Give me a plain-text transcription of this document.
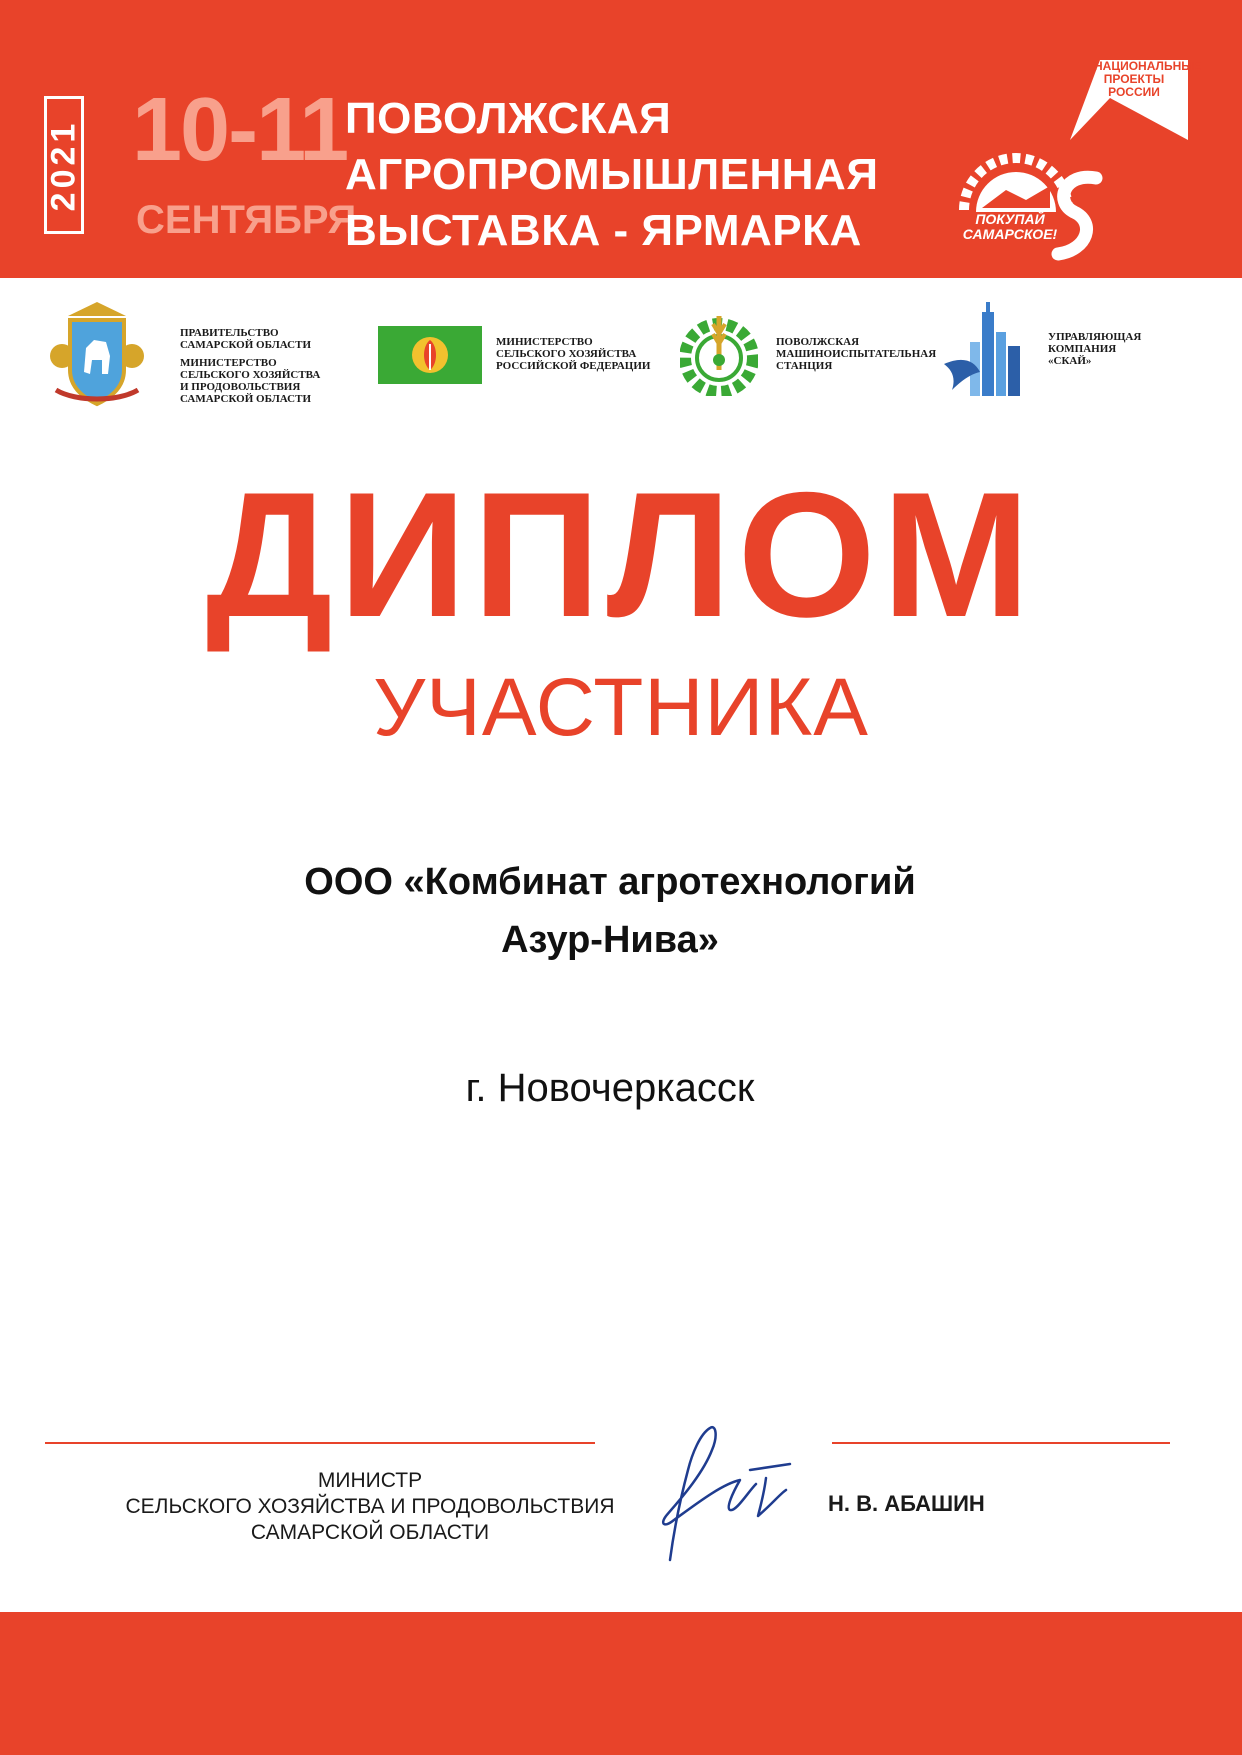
2021 10-11
СЕНТЯБРЯ
ПОВОЛЖСКАЯ
АГРОПРОМЫШЛЕННАЯ
ВЫСТАВКА - ЯРМАРКА
НАЦИОНАЛЬНЫЕ
ПРОЕКТЫ
РОССИИ
ПОКУПАЙ
САМАРСКОЕ!
ПРАВИТЕЛЬСТВО
САМАРСКОЙ ОБЛАСТИ
МИНИСТЕРСТВО
СЕЛЬСКОГО ХОЗЯЙСТВА
И ПРОДОВОЛЬСТВИЯ
САМАРСКОЙ ОБЛАСТИ
МИНИСТЕРСТВО
СЕЛЬСКОГО ХОЗЯЙСТВА
РОССИЙСКОЙ ФЕДЕРАЦИИ
ПОВОЛЖСКАЯ
МАШИНОИСПЫТАТЕЛЬНАЯ
СТАНЦИЯ
УПРАВЛЯЮЩАЯ
КОМПАНИЯ
«СКАЙ»
ДИПЛОМ
УЧАСТНИКА
ООО «Комбинат агротехнологий
Азур-Нива»
г. Новочеркасск
МИНИСТР
СЕЛЬСКОГО ХОЗЯЙСТВА И ПРОДОВОЛЬСТВИЯ
САМАРСКОЙ ОБЛАСТИ
Н. В. АБАШИН
